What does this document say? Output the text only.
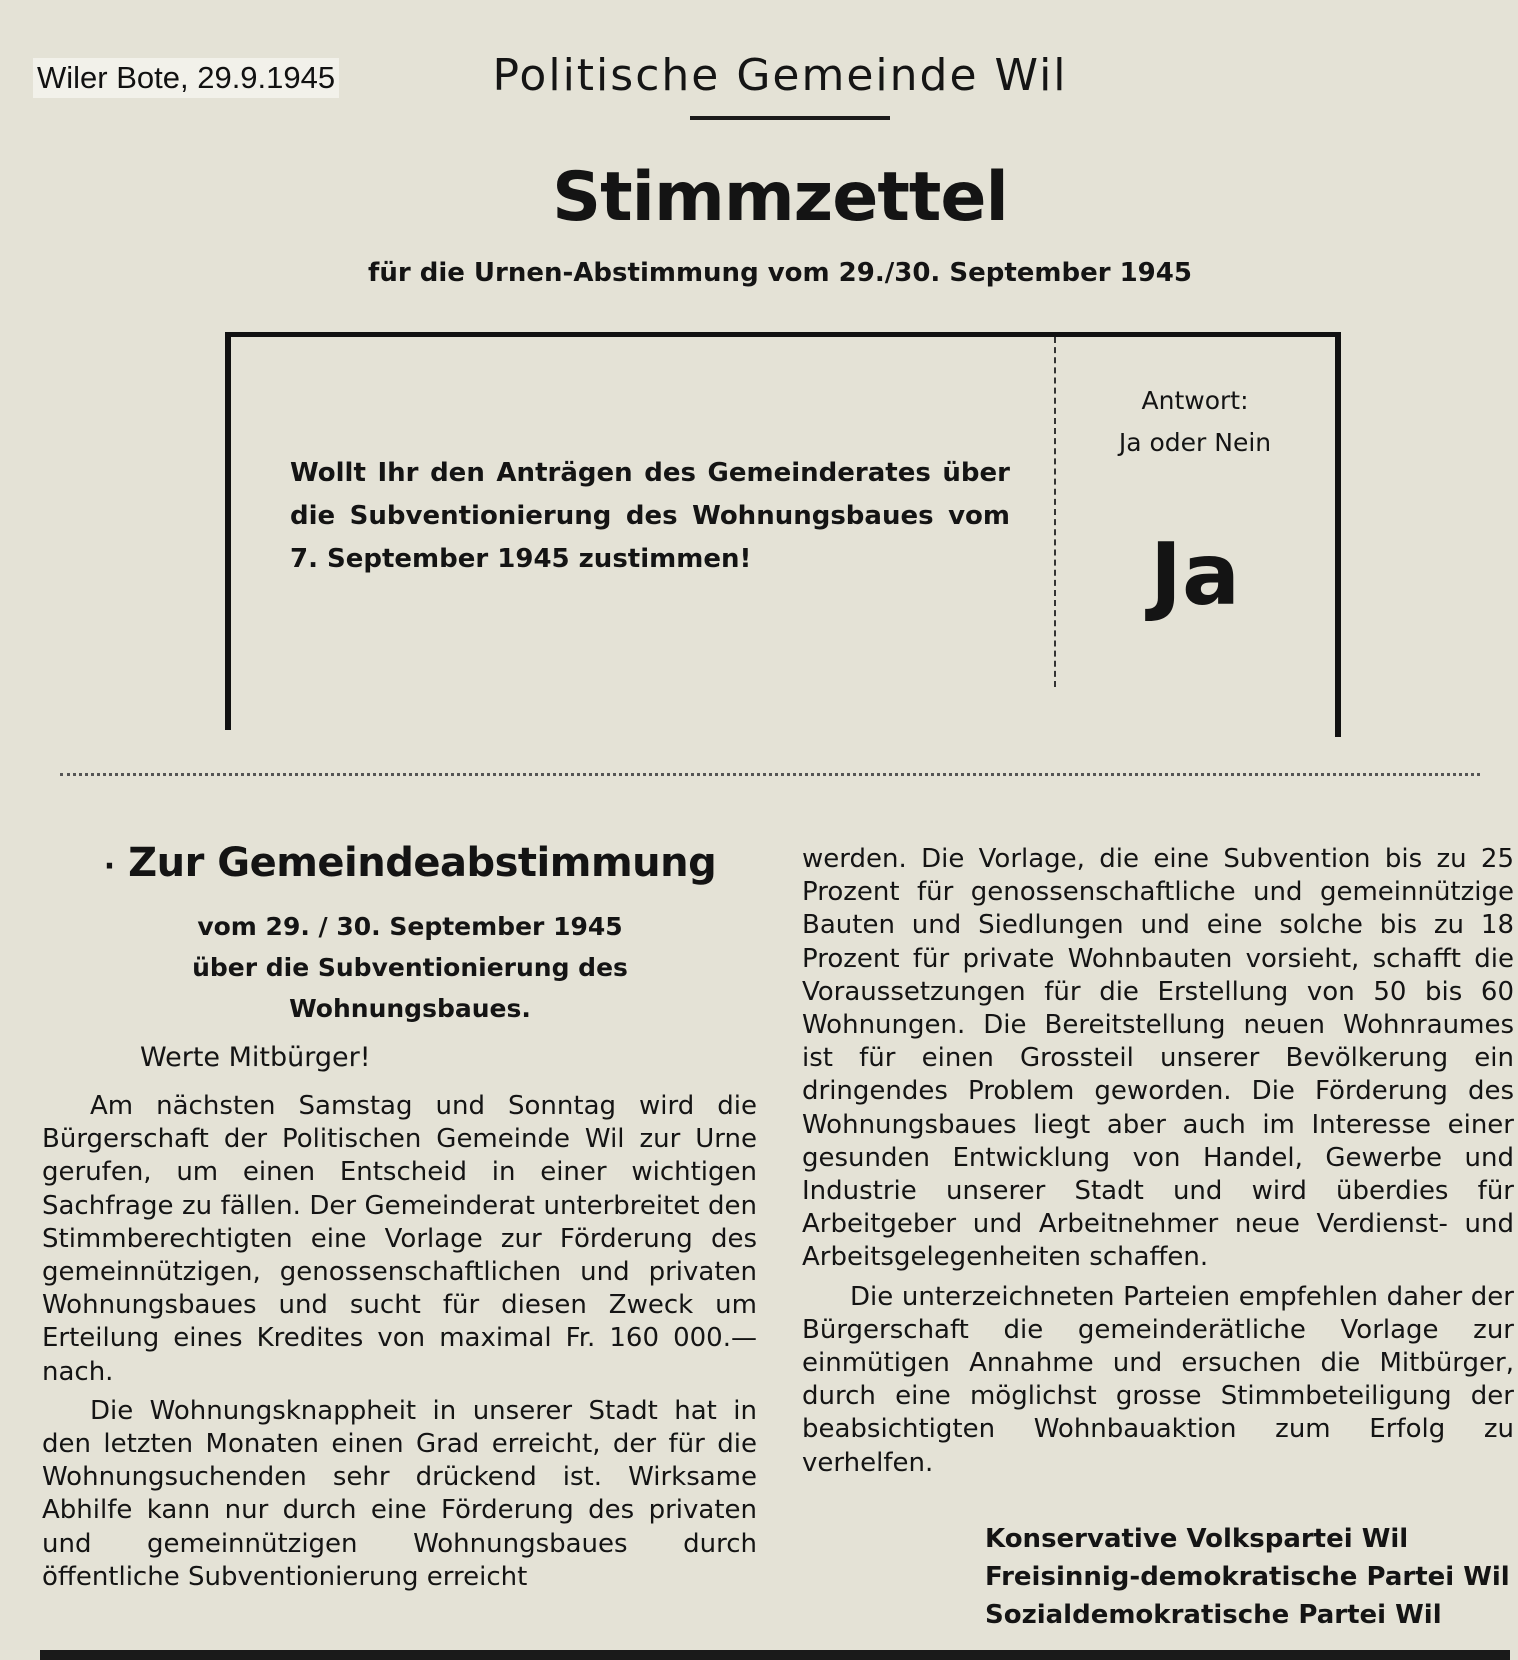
Wiler Bote, 29.9.1945	Politische Gemeinde Wil
Stimmzettel
für die Urnen-Abstimmung vom 29./30. September 1945
Wollt Ihr den Anträgen des Gemeinderates über die Subventionierung des Wohnungsbaues vom 7. September 1945 zustimmen!
Antwort:
Ja oder Nein
Ja
· Zur Gemeindeabstimmung
vom 29. / 30. September 1945
über die Subventionierung des
Wohnungsbaues.
Werte Mitbürger!

Am nächsten Samstag und Sonntag wird die Bürgerschaft der Politischen Gemeinde Wil zur Urne gerufen, um einen Entscheid in einer wichtigen Sachfrage zu fällen. Der Gemeinderat unterbreitet den Stimmberechtigten eine Vorlage zur Förderung des gemeinnützigen, genossenschaftlichen und privaten Wohnungsbaues und sucht für diesen Zweck um Erteilung eines Kredites von maximal Fr. 160 000.— nach.

Die Wohnungsknappheit in unserer Stadt hat in den letzten Monaten einen Grad erreicht, der für die Wohnungsuchenden sehr drückend ist. Wirksame Abhilfe kann nur durch eine Förderung des privaten und gemeinnützigen Wohnungsbaues durch öffentliche Subventionierung erreicht

werden. Die Vorlage, die eine Subvention bis zu 25 Prozent für genossenschaftliche und gemeinnützige Bauten und Siedlungen und eine solche bis zu 18 Prozent für private Wohnbauten vorsieht, schafft die Voraussetzungen für die Erstellung von 50 bis 60 Wohnungen. Die Bereitstellung neuen Wohnraumes ist für einen Grossteil unserer Bevölkerung ein dringendes Problem geworden. Die Förderung des Wohnungsbaues liegt aber auch im Interesse einer gesunden Entwicklung von Handel, Gewerbe und Industrie unserer Stadt und wird überdies für Arbeitgeber und Arbeitnehmer neue Verdienst- und Arbeitsgelegenheiten schaffen.

Die unterzeichneten Parteien empfehlen daher der Bürgerschaft die gemeinderätliche Vorlage zur einmütigen Annahme und ersuchen die Mitbürger, durch eine möglichst grosse Stimmbeteiligung der beabsichtigten Wohnbauaktion zum Erfolg zu verhelfen.

Konservative Volkspartei Wil
Freisinnig-demokratische Partei Wil
Sozialdemokratische Partei Wil
